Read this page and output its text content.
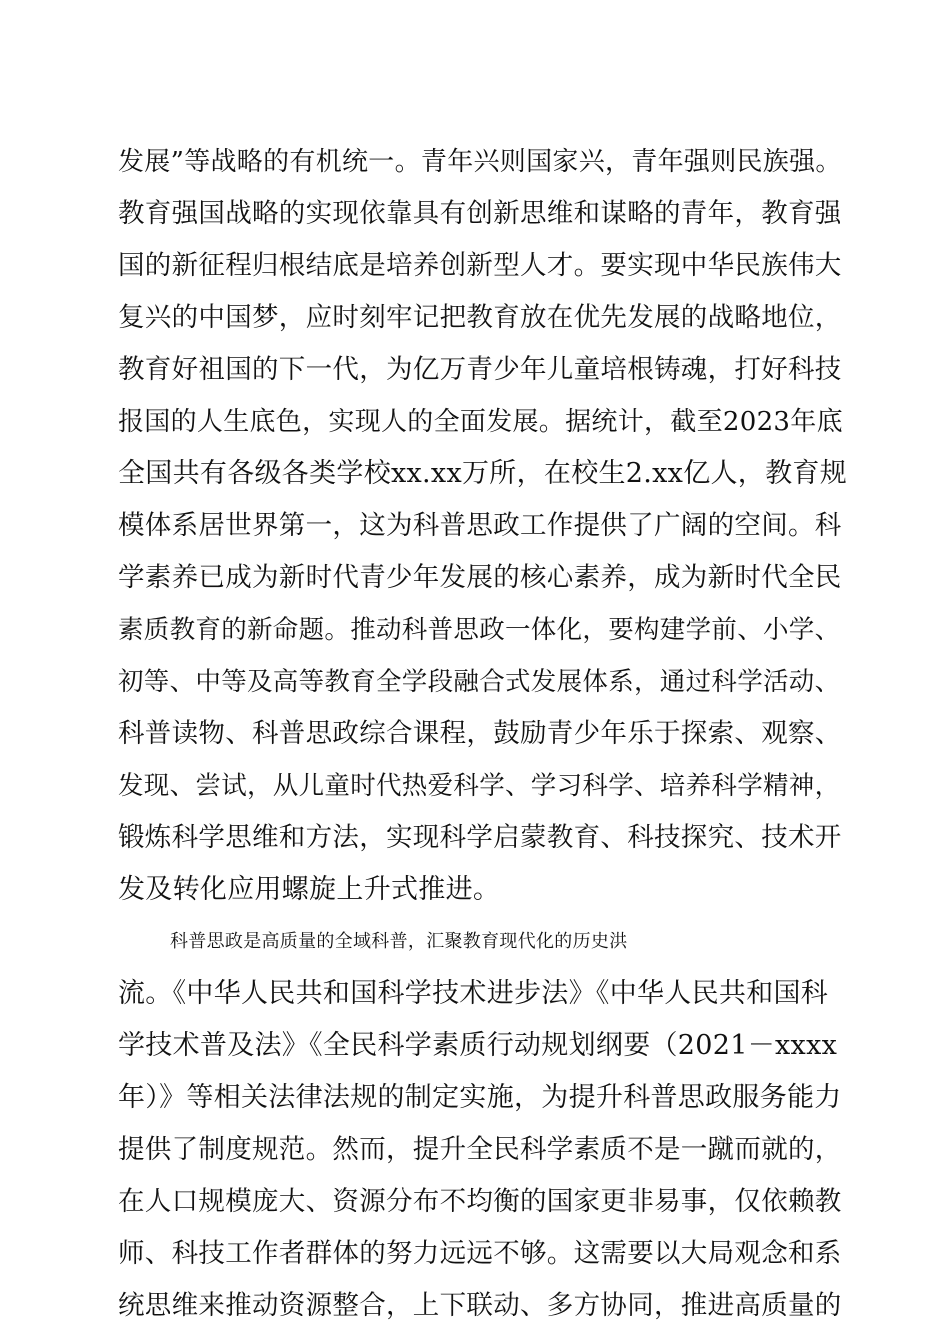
发展”等战略的有机统一。青年兴则国家兴，青年强则民族强。
教育强国战略的实现依靠具有创新思维和谋略的青年，教育强
国的新征程归根结底是培养创新型人才。要实现中华民族伟大
复兴的中国梦，应时刻牢记把教育放在优先发展的战略地位，
教育好祖国的下一代，为亿万青少年儿童培根铸魂，打好科技
报国的人生底色，实现人的全面发展。据统计，截至2023年底
全国共有各级各类学校xx.xx万所，在校生2.xx亿人，教育规
模体系居世界第一，这为科普思政工作提供了广阔的空间。科
学素养已成为新时代青少年发展的核心素养，成为新时代全民
素质教育的新命题。推动科普思政一体化，要构建学前、小学、
初等、中等及高等教育全学段融合式发展体系，通过科学活动、
科普读物、科普思政综合课程，鼓励青少年乐于探索、观察、
发现、尝试，从儿童时代热爱科学、学习科学、培养科学精神，
锻炼科学思维和方法，实现科学启蒙教育、科技探究、技术开
发及转化应用螺旋上升式推进。
科普思政是高质量的全域科普，汇聚教育现代化的历史洪
流。《中华人民共和国科学技术进步法》《中华人民共和国科
学技术普及法》《全民科学素质行动规划纲要（2021－xxxx
年）》等相关法律法规的制定实施，为提升科普思政服务能力
提供了制度规范。然而，提升全民科学素质不是一蹴而就的，
在人口规模庞大、资源分布不均衡的国家更非易事，仅依赖教
师、科技工作者群体的努力远远不够。这需要以大局观念和系
统思维来推动资源整合，上下联动、多方协同，推进高质量的
